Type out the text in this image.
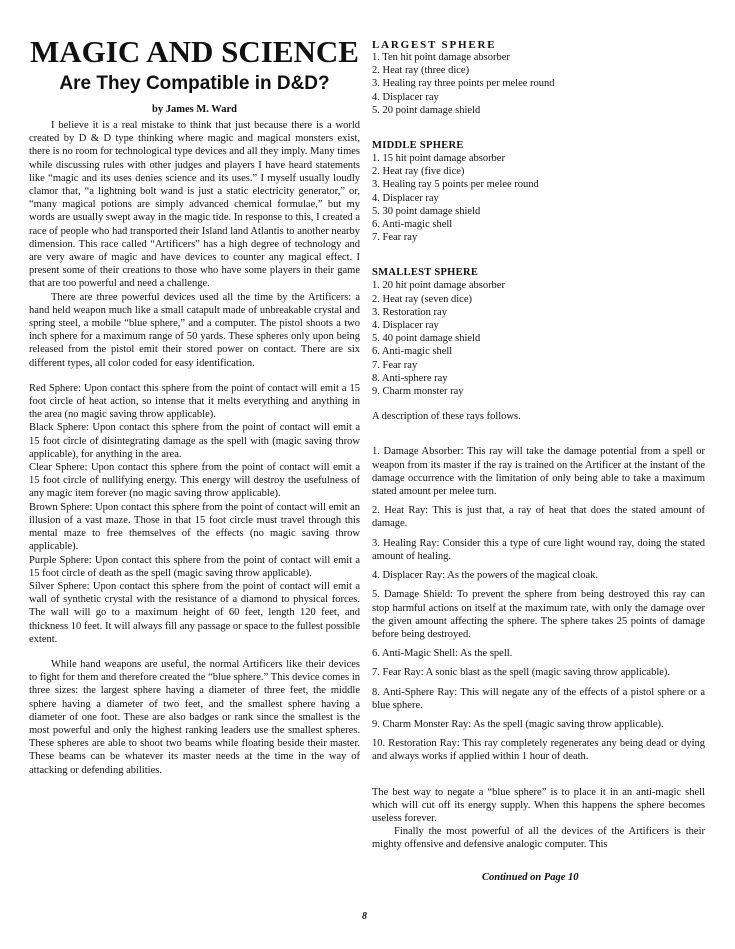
MAGIC AND SCIENCE
Are They Compatible in D&D?
by James M. Ward

I believe it is a real mistake to think that just because there is a world created by D & D type thinking where magic and magical monsters exist, there is no room for technological type devices and all they imply. Many times while discussing rules with other judges and players I have heard statements like “magic and its uses denies science and its uses.” I myself usually loudly clamor that, “a lightning bolt wand is just a static electricity generator,” or, “many magical potions are simply advanced chemical formulae,” but my words are usually swept away in the magic tide. In response to this, I created a race of people who had transported their Island land Atlantis to another nearby dimension. This race called “Artificers” has a high degree of technology and are very aware of magic and have devices to counter any magical effect. I present some of their creations to those who have some players in their game that are too powerful and need a challenge.

There are three powerful devices used all the time by the Artificers: a hand held weapon much like a small catapult made of unbreakable crystal and spring steel, a mobile “blue sphere,” and a computer. The pistol shoots a two inch sphere for a maximum range of 50 yards. These spheres only upon being released from the pistol emit their stored power on contact. There are six different types, all color coded for easy identification.

Red Sphere: Upon contact this sphere from the point of contact will emit a 15 foot circle of heat action, so intense that it melts everything and anything in the area (no magic saving throw applicable).

Black Sphere: Upon contact this sphere from the point of contact will emit a 15 foot circle of disintegrating damage as the spell with (magic saving throw applicable), for anything in the area.

Clear Sphere: Upon contact this sphere from the point of contact will emit a 15 foot circle of nullifying energy. This energy will destroy the usefulness of any magic item forever (no magic saving throw applicable).

Brown Sphere: Upon contact this sphere from the point of contact will emit an illusion of a vast maze. Those in that 15 foot circle must travel through this mental maze to free themselves of the effects (no magic saving throw applicable).

Purple Sphere: Upon contact this sphere from the point of contact will emit a 15 foot circle of death as the spell (magic saving throw applicable).

Silver Sphere: Upon contact this sphere from the point of contact will emit a wall of synthetic crystal with the resistance of a diamond to physical forces. The wall will go to a maximum height of 60 feet, length 120 feet, and thickness 10 feet. It will always fill any passage or space to the fullest possible extent.

While hand weapons are useful, the normal Artificers like their devices to fight for them and therefore created the “blue sphere.” This device comes in three sizes: the largest sphere having a diameter of three feet, the middle sphere having a diameter of two feet, and the smallest sphere having a diameter of one foot. These are also badges or rank since the smallest is the most powerful and only the highest ranking leaders use the smallest spheres. These spheres are able to shoot two beams while floating beside their master. These beams can be whatever its master needs at the time in the way of attacking or defending abilities.

LARGEST SPHERE
1. Ten hit point damage absorber
2. Heat ray (three dice)
3. Healing ray three points per melee round
4. Displacer ray
5. 20 point damage shield
MIDDLE SPHERE
1. 15 hit point damage absorber
2. Heat ray (five dice)
3. Healing ray 5 points per melee round
4. Displacer ray
5. 30 point damage shield
6. Anti-magic shell
7. Fear ray
SMALLEST SPHERE
1. 20 hit point damage absorber
2. Heat ray (seven dice)
3. Restoration ray
4. Displacer ray
5. 40 point damage shield
6. Anti-magic shell
7. Fear ray
8. Anti-sphere ray
9. Charm monster ray

A description of these rays follows.

1. Damage Absorber: This ray will take the damage potential from a spell or weapon from its master if the ray is trained on the Artificer at the instant of the damage occurrence with the limitation of only being able to take a maximum stated amount per melee turn.

2. Heat Ray: This is just that, a ray of heat that does the stated amount of damage.

3. Healing Ray: Consider this a type of cure light wound ray, doing the stated amount of healing.

4. Displacer Ray: As the powers of the magical cloak.

5. Damage Shield: To prevent the sphere from being destroyed this ray can stop harmful actions on itself at the maximum rate, with only the damage over the given amount affecting the sphere. The sphere takes 25 points of damage before being destroyed.

6. Anti-Magic Shell: As the spell.

7. Fear Ray: A sonic blast as the spell (magic saving throw applicable).

8. Anti-Sphere Ray: This will negate any of the effects of a pistol sphere or a blue sphere.

9. Charm Monster Ray: As the spell (magic saving throw applicable).

10. Restoration Ray: This ray completely regenerates any being dead or dying and always works if applied within 1 hour of death.

The best way to negate a “blue sphere” is to place it in an anti-magic shell which will cut off its energy supply. When this happens the sphere becomes useless forever.

Finally the most powerful of all the devices of the Artificers is their mighty offensive and defensive analogic computer. This

Continued on Page 10
8
